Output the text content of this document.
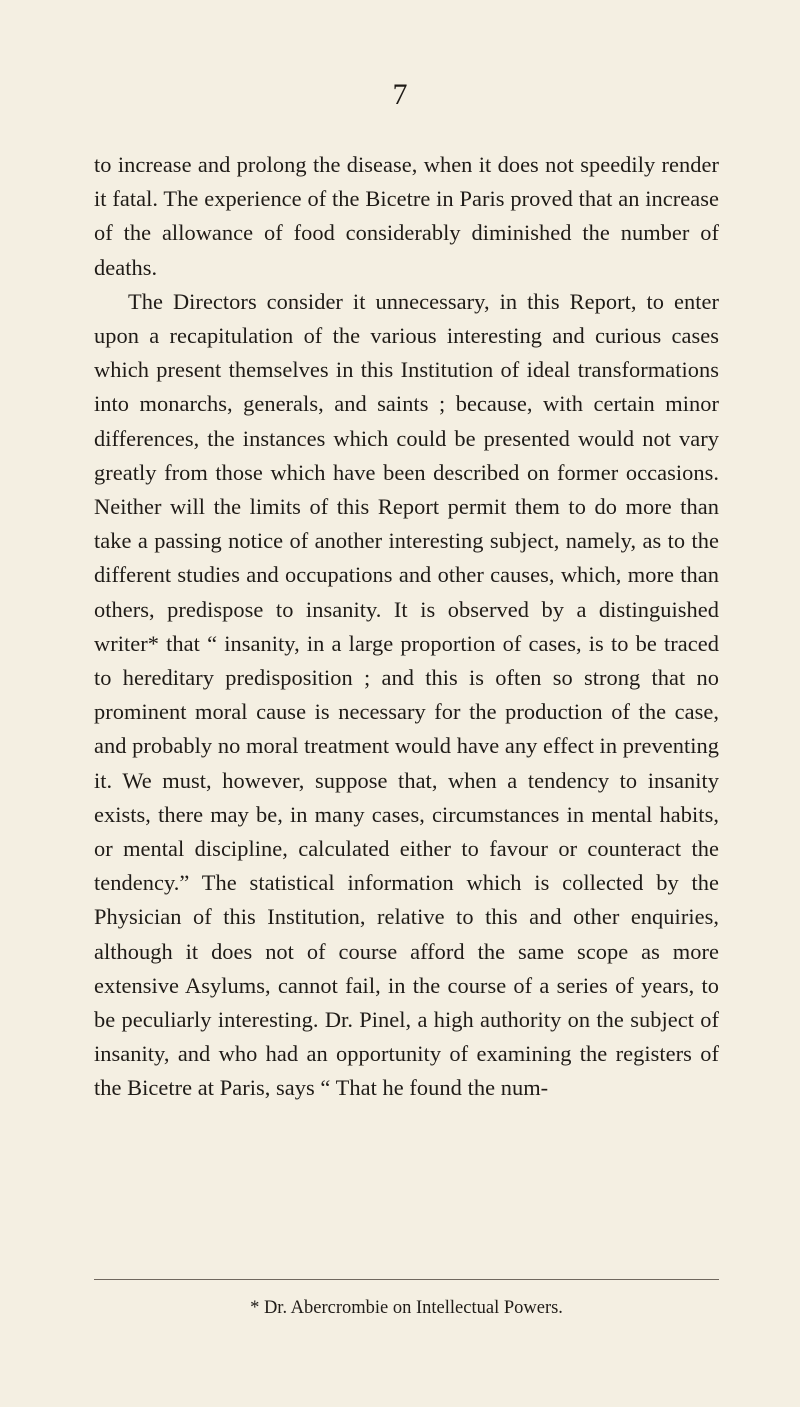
7

to increase and prolong the disease, when it does not speedily render it fatal. The experience of the Bicetre in Paris proved that an increase of the allowance of food considerably diminished the number of deaths.

The Directors consider it unnecessary, in this Report, to enter upon a recapitulation of the various interesting and curious cases which present themselves in this Institution of ideal transformations into monarchs, generals, and saints ; because, with certain minor differences, the instances which could be presented would not vary greatly from those which have been described on former occasions. Neither will the limits of this Report permit them to do more than take a passing notice of another interesting subject, namely, as to the different studies and occupations and other causes, which, more than others, predispose to insanity. It is observed by a distinguished writer* that “ insanity, in a large proportion of cases, is to be traced to hereditary predisposition ; and this is often so strong that no prominent moral cause is necessary for the production of the case, and probably no moral treatment would have any effect in preventing it. We must, however, suppose that, when a tendency to insanity exists, there may be, in many cases, circumstances in mental habits, or mental discipline, calculated either to favour or counteract the tendency.” The statistical information which is collected by the Physician of this Institution, relative to this and other enquiries, although it does not of course afford the same scope as more extensive Asylums, cannot fail, in the course of a series of years, to be peculiarly interesting. Dr. Pinel, a high authority on the subject of insanity, and who had an opportunity of examining the registers of the Bicetre at Paris, says “ That he found the num-

* Dr. Abercrombie on Intellectual Powers.
